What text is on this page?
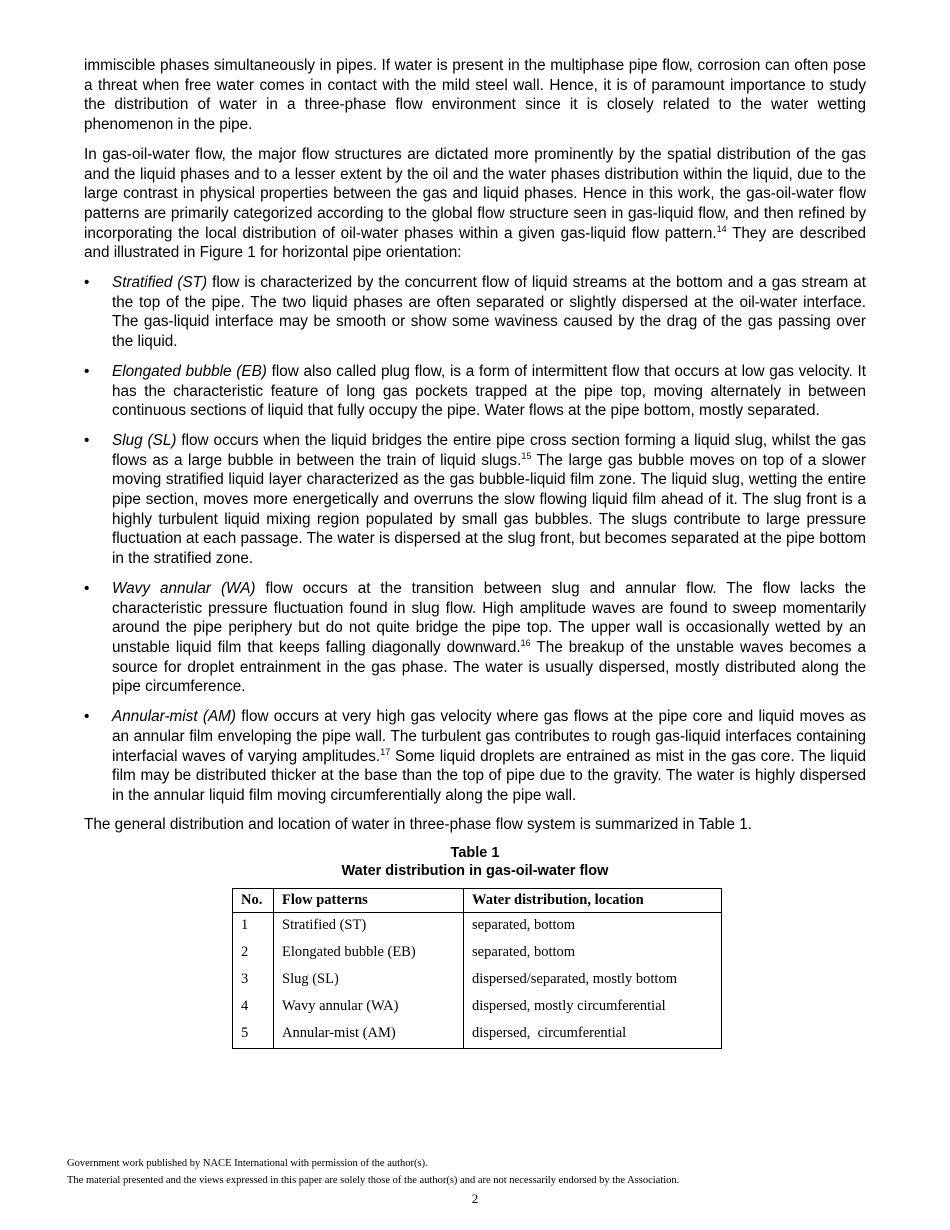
immiscible phases simultaneously in pipes. If water is present in the multiphase pipe flow, corrosion can often pose a threat when free water comes in contact with the mild steel wall. Hence, it is of paramount importance to study the distribution of water in a three-phase flow environment since it is closely related to the water wetting phenomenon in the pipe.

In gas-oil-water flow, the major flow structures are dictated more prominently by the spatial distribution of the gas and the liquid phases and to a lesser extent by the oil and the water phases distribution within the liquid, due to the large contrast in physical properties between the gas and liquid phases. Hence in this work, the gas-oil-water flow patterns are primarily categorized according to the global flow structure seen in gas-liquid flow, and then refined by incorporating the local distribution of oil-water phases within a given gas-liquid flow pattern.$^{14}$ They are described and illustrated in Figure 1 for horizontal pipe orientation:

• Stratified (ST) flow is characterized by the concurrent flow of liquid streams at the bottom and a gas stream at the top of the pipe. The two liquid phases are often separated or slightly dispersed at the oil-water interface. The gas-liquid interface may be smooth or show some waviness caused by the drag of the gas passing over the liquid.
• Elongated bubble (EB) flow also called plug flow, is a form of intermittent flow that occurs at low gas velocity. It has the characteristic feature of long gas pockets trapped at the pipe top, moving alternately in between continuous sections of liquid that fully occupy the pipe. Water flows at the pipe bottom, mostly separated.
• Slug (SL) flow occurs when the liquid bridges the entire pipe cross section forming a liquid slug, whilst the gas flows as a large bubble in between the train of liquid slugs.$^{15}$ The large gas bubble moves on top of a slower moving stratified liquid layer characterized as the gas bubble-liquid film zone. The liquid slug, wetting the entire pipe section, moves more energetically and overruns the slow flowing liquid film ahead of it. The slug front is a highly turbulent liquid mixing region populated by small gas bubbles. The slugs contribute to large pressure fluctuation at each passage. The water is dispersed at the slug front, but becomes separated at the pipe bottom in the stratified zone.
• Wavy annular (WA) flow occurs at the transition between slug and annular flow. The flow lacks the characteristic pressure fluctuation found in slug flow. High amplitude waves are found to sweep momentarily around the pipe periphery but do not quite bridge the pipe top. The upper wall is occasionally wetted by an unstable liquid film that keeps falling diagonally downward.$^{16}$ The breakup of the unstable waves becomes a source for droplet entrainment in the gas phase. The water is usually dispersed, mostly distributed along the pipe circumference.
• Annular-mist (AM) flow occurs at very high gas velocity where gas flows at the pipe core and liquid moves as an annular film enveloping the pipe wall. The turbulent gas contributes to rough gas-liquid interfaces containing interfacial waves of varying amplitudes.$^{17}$ Some liquid droplets are entrained as mist in the gas core. The liquid film may be distributed thicker at the base than the top of pipe due to the gravity. The water is highly dispersed in the annular liquid film moving circumferentially along the pipe wall.

The general distribution and location of water in three-phase flow system is summarized in Table 1.

Table 1
Water distribution in gas-oil-water flow
No.	Flow patterns	Water distribution, location
1	Stratified (ST)	separated, bottom
2	Elongated bubble (EB)	separated, bottom
3	Slug (SL)	dispersed/separated, mostly bottom
4	Wavy annular (WA)	dispersed, mostly circumferential
5	Annular-mist (AM)	dispersed,  circumferential
Government work published by NACE International with permission of the author(s).
The material presented and the views expressed in this paper are solely those of the author(s) and are not necessarily endorsed by the Association.
2
